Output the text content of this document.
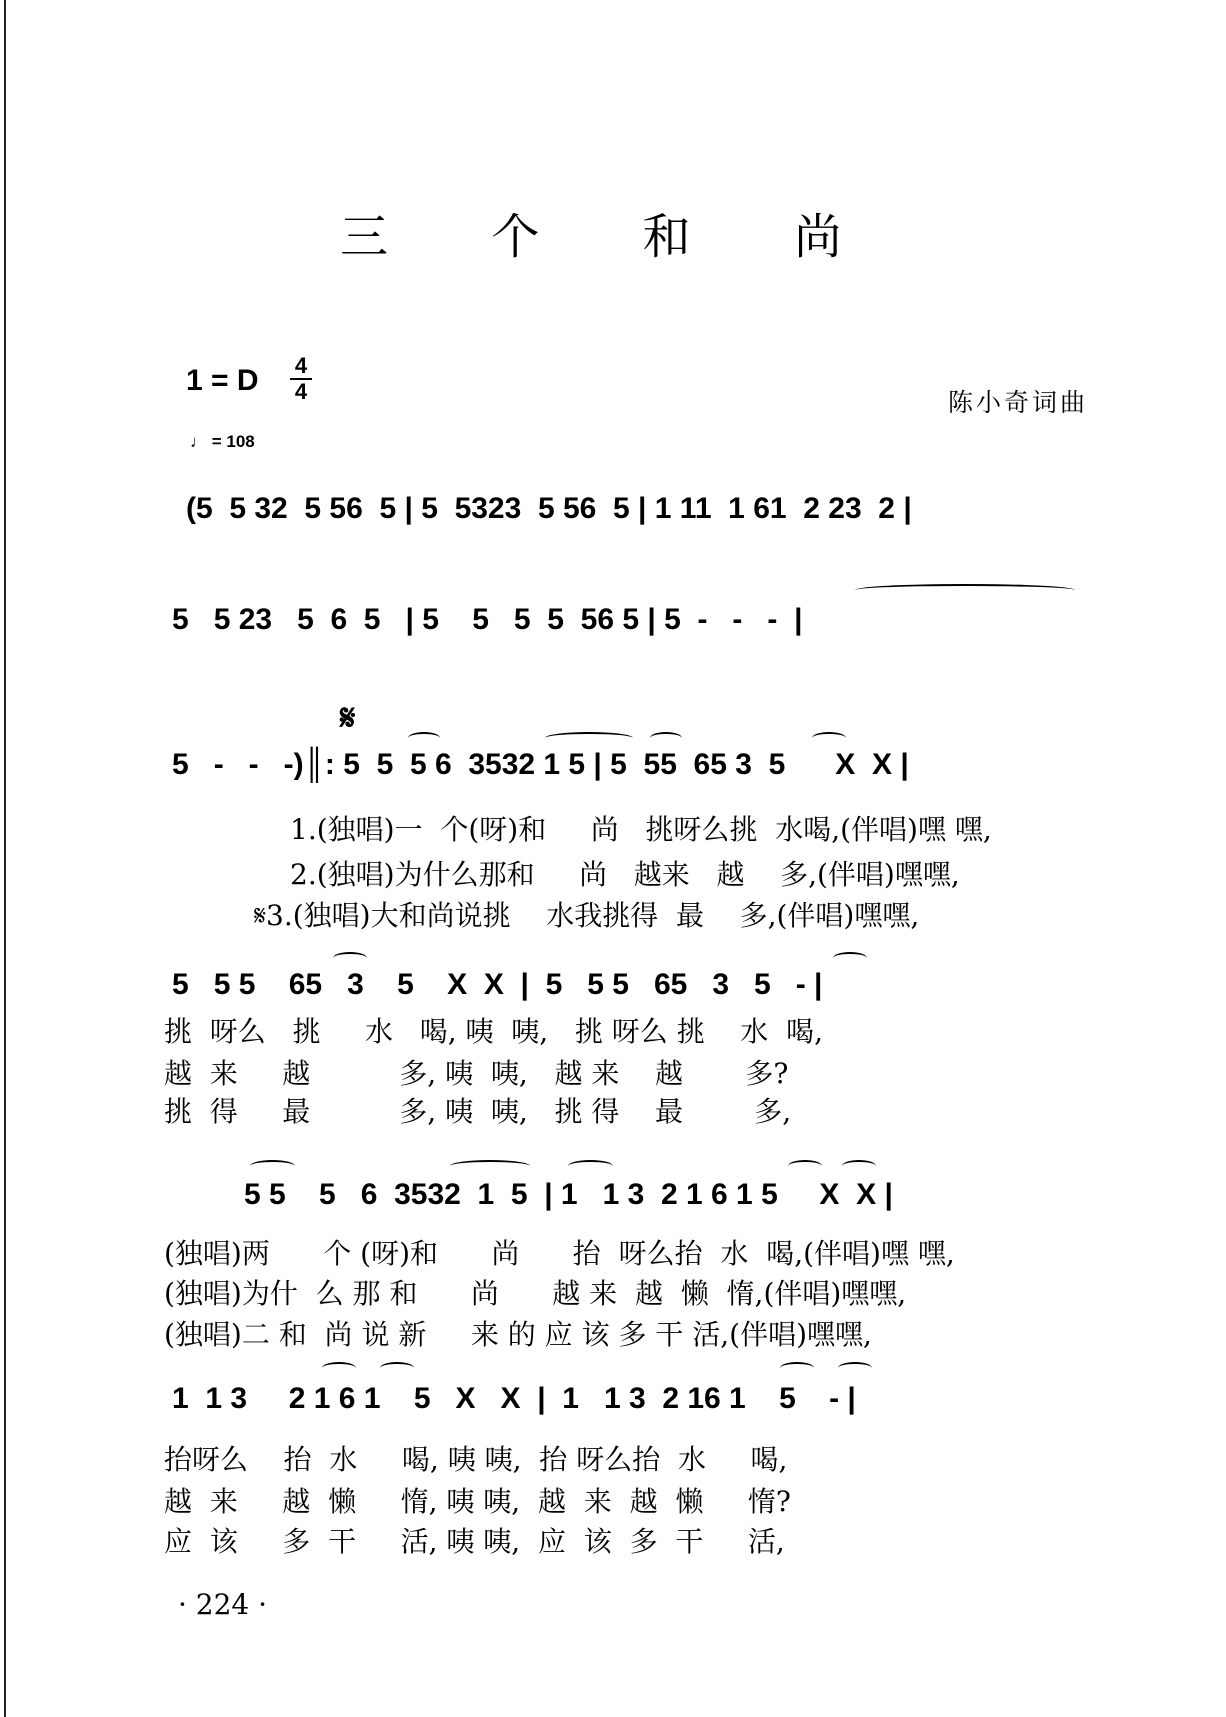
三 个 和 尚
1 = D 4
4
♩ = 108
陈小奇词曲
(5  5 32  5 56  5 | 5  5323  5 56  5 | 1 11  1 61  2 23  2 |
5   5 23   5  6  5   | 5    5   5  5  56 5 | 5  -   -   -  |
𝄋
5   -   -   -)║: 5  5  5 6  3532 1 5 | 5  55  65 3  5      X  X |
1.(独唱)一  个(呀)和     尚   挑呀么挑  水喝,(伴唱)嘿 嘿,
2.(独唱)为什么那和     尚   越来   越    多,(伴唱)嘿嘿,
𝄋3.(独唱)大和尚说挑    水我挑得  最    多,(伴唱)嘿嘿,
5   5 5    65   3    5    X  X  |  5   5 5   65   3   5   - |
挑  呀么   挑     水   喝, 咦  咦,   挑 呀么 挑    水  喝,
越  来     越          多, 咦  咦,   越 来    越       多?
挑  得     最          多, 咦  咦,   挑 得    最        多,
5 5    5   6  3532  1  5  | 1   1 3  2 1 6 1 5     X  X |
(独唱)两      个 (呀)和      尚      抬  呀么抬  水  喝,(伴唱)嘿 嘿,
(独唱)为什  么 那 和      尚      越 来  越  懒  惰,(伴唱)嘿嘿,
(独唱)二 和  尚 说 新     来 的 应 该 多 干 活,(伴唱)嘿嘿,
1  1 3     2 1 6 1    5   X   X  |  1   1 3  2 16 1    5    - |
抬呀么    抬  水     喝, 咦 咦,  抬 呀么抬  水     喝,
越  来     越  懒     惰, 咦 咦,  越  来  越  懒     惰?
应  该     多  干     活, 咦 咦,  应  该  多  干     活,
· 224 ·
